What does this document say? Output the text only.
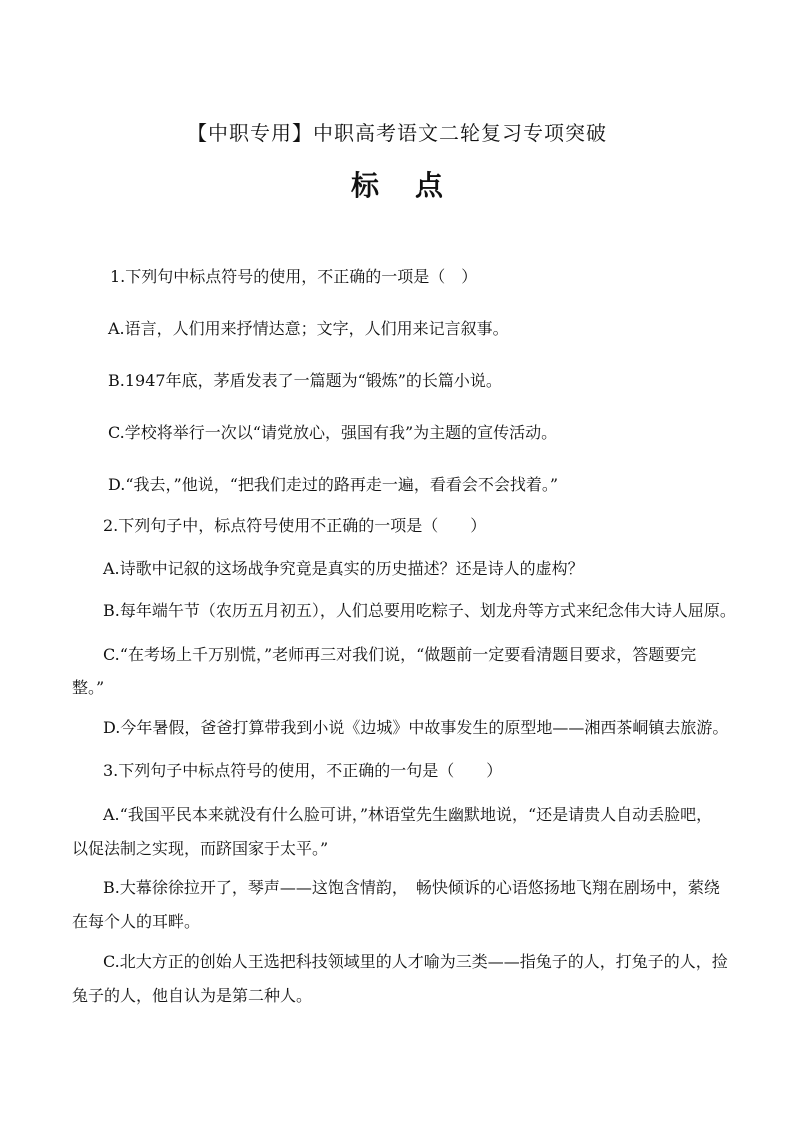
【中职专用】中职高考语文二轮复习专项突破
标点
1.下列句中标点符号的使用，不正确的一项是（　）
A.语言，人们用来抒情达意；文字，人们用来记言叙事。
B.1947年底，茅盾发表了一篇题为“锻炼”的长篇小说。
C.学校将举行一次以“请党放心，强国有我”为主题的宣传活动。
D.“我去，”他说，“把我们走过的路再走一遍，看看会不会找着。”
2.下列句子中，标点符号使用不正确的一项是（　　）
A.诗歌中记叙的这场战争究竟是真实的历史描述？还是诗人的虚构？
B.每年端午节（农历五月初五），人们总要用吃粽子、划龙舟等方式来纪念伟大诗人屈原。
C.“在考场上千万别慌，”老师再三对我们说，“做题前一定要看清题目要求，答题要完
整。”
D.今年暑假，爸爸打算带我到小说《边城》中故事发生的原型地——湘西茶峒镇去旅游。
3.下列句子中标点符号的使用，不正确的一句是（　　）
A.“我国平民本来就没有什么脸可讲，”林语堂先生幽默地说，“还是请贵人自动丢脸吧，
以促法制之实现，而跻国家于太平。”
B.大幕徐徐拉开了，琴声——这饱含情韵，　畅快倾诉的心语悠扬地飞翔在剧场中，萦绕
在每个人的耳畔。
C.北大方正的创始人王选把科技领域里的人才喻为三类——指兔子的人，打兔子的人，捡
兔子的人，他自认为是第二种人。
